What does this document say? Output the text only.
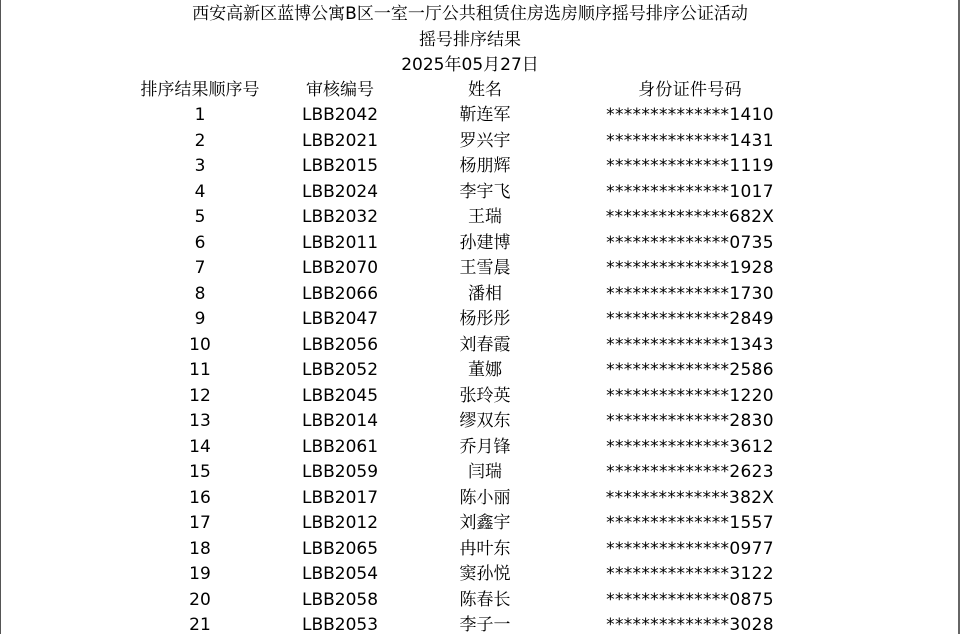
西安高新区蓝博公寓B区一室一厅公共租赁住房选房顺序摇号排序公证活动
摇号排序结果
2025年05月27日
排序结果顺序号	审核编号	姓名	身份证件号码
1	LBB2042	靳连军	**************1410
2	LBB2021	罗兴宇	**************1431
3	LBB2015	杨朋辉	**************1119
4	LBB2024	李宇飞	**************1017
5	LBB2032	王瑞	**************682X
6	LBB2011	孙建博	**************0735
7	LBB2070	王雪晨	**************1928
8	LBB2066	潘相	**************1730
9	LBB2047	杨彤彤	**************2849
10	LBB2056	刘春霞	**************1343
11	LBB2052	董娜	**************2586
12	LBB2045	张玲英	**************1220
13	LBB2014	缪双东	**************2830
14	LBB2061	乔月锋	**************3612
15	LBB2059	闫瑞	**************2623
16	LBB2017	陈小丽	**************382X
17	LBB2012	刘鑫宇	**************1557
18	LBB2065	冉叶东	**************0977
19	LBB2054	窦孙悦	**************3122
20	LBB2058	陈春长	**************0875
21	LBB2053	李子一	**************3028
